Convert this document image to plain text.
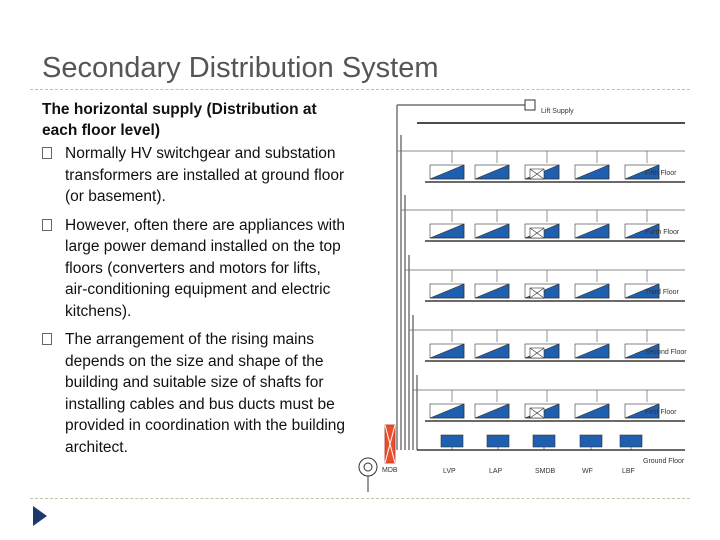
Secondary Distribution System
The horizontal supply (Distribution at each floor level)
Normally HV switchgear and substation transformers are installed at ground floor (or basement).
However, often there are appliances with large power demand installed on the top floors (converters and motors for lifts, air-conditioning equipment and electric kitchens).
The arrangement of the rising mains depends on the size and shape of the building and suitable size of shafts for installing cables and bus ducts must be provided in coordination with the building architect.
Lift Supply
Fifth Floor
Furth Floor
Third Floor
Second Floor
First Floor
Ground Floor
MDB	LVP	LAP	SMDB	WF	LBF
